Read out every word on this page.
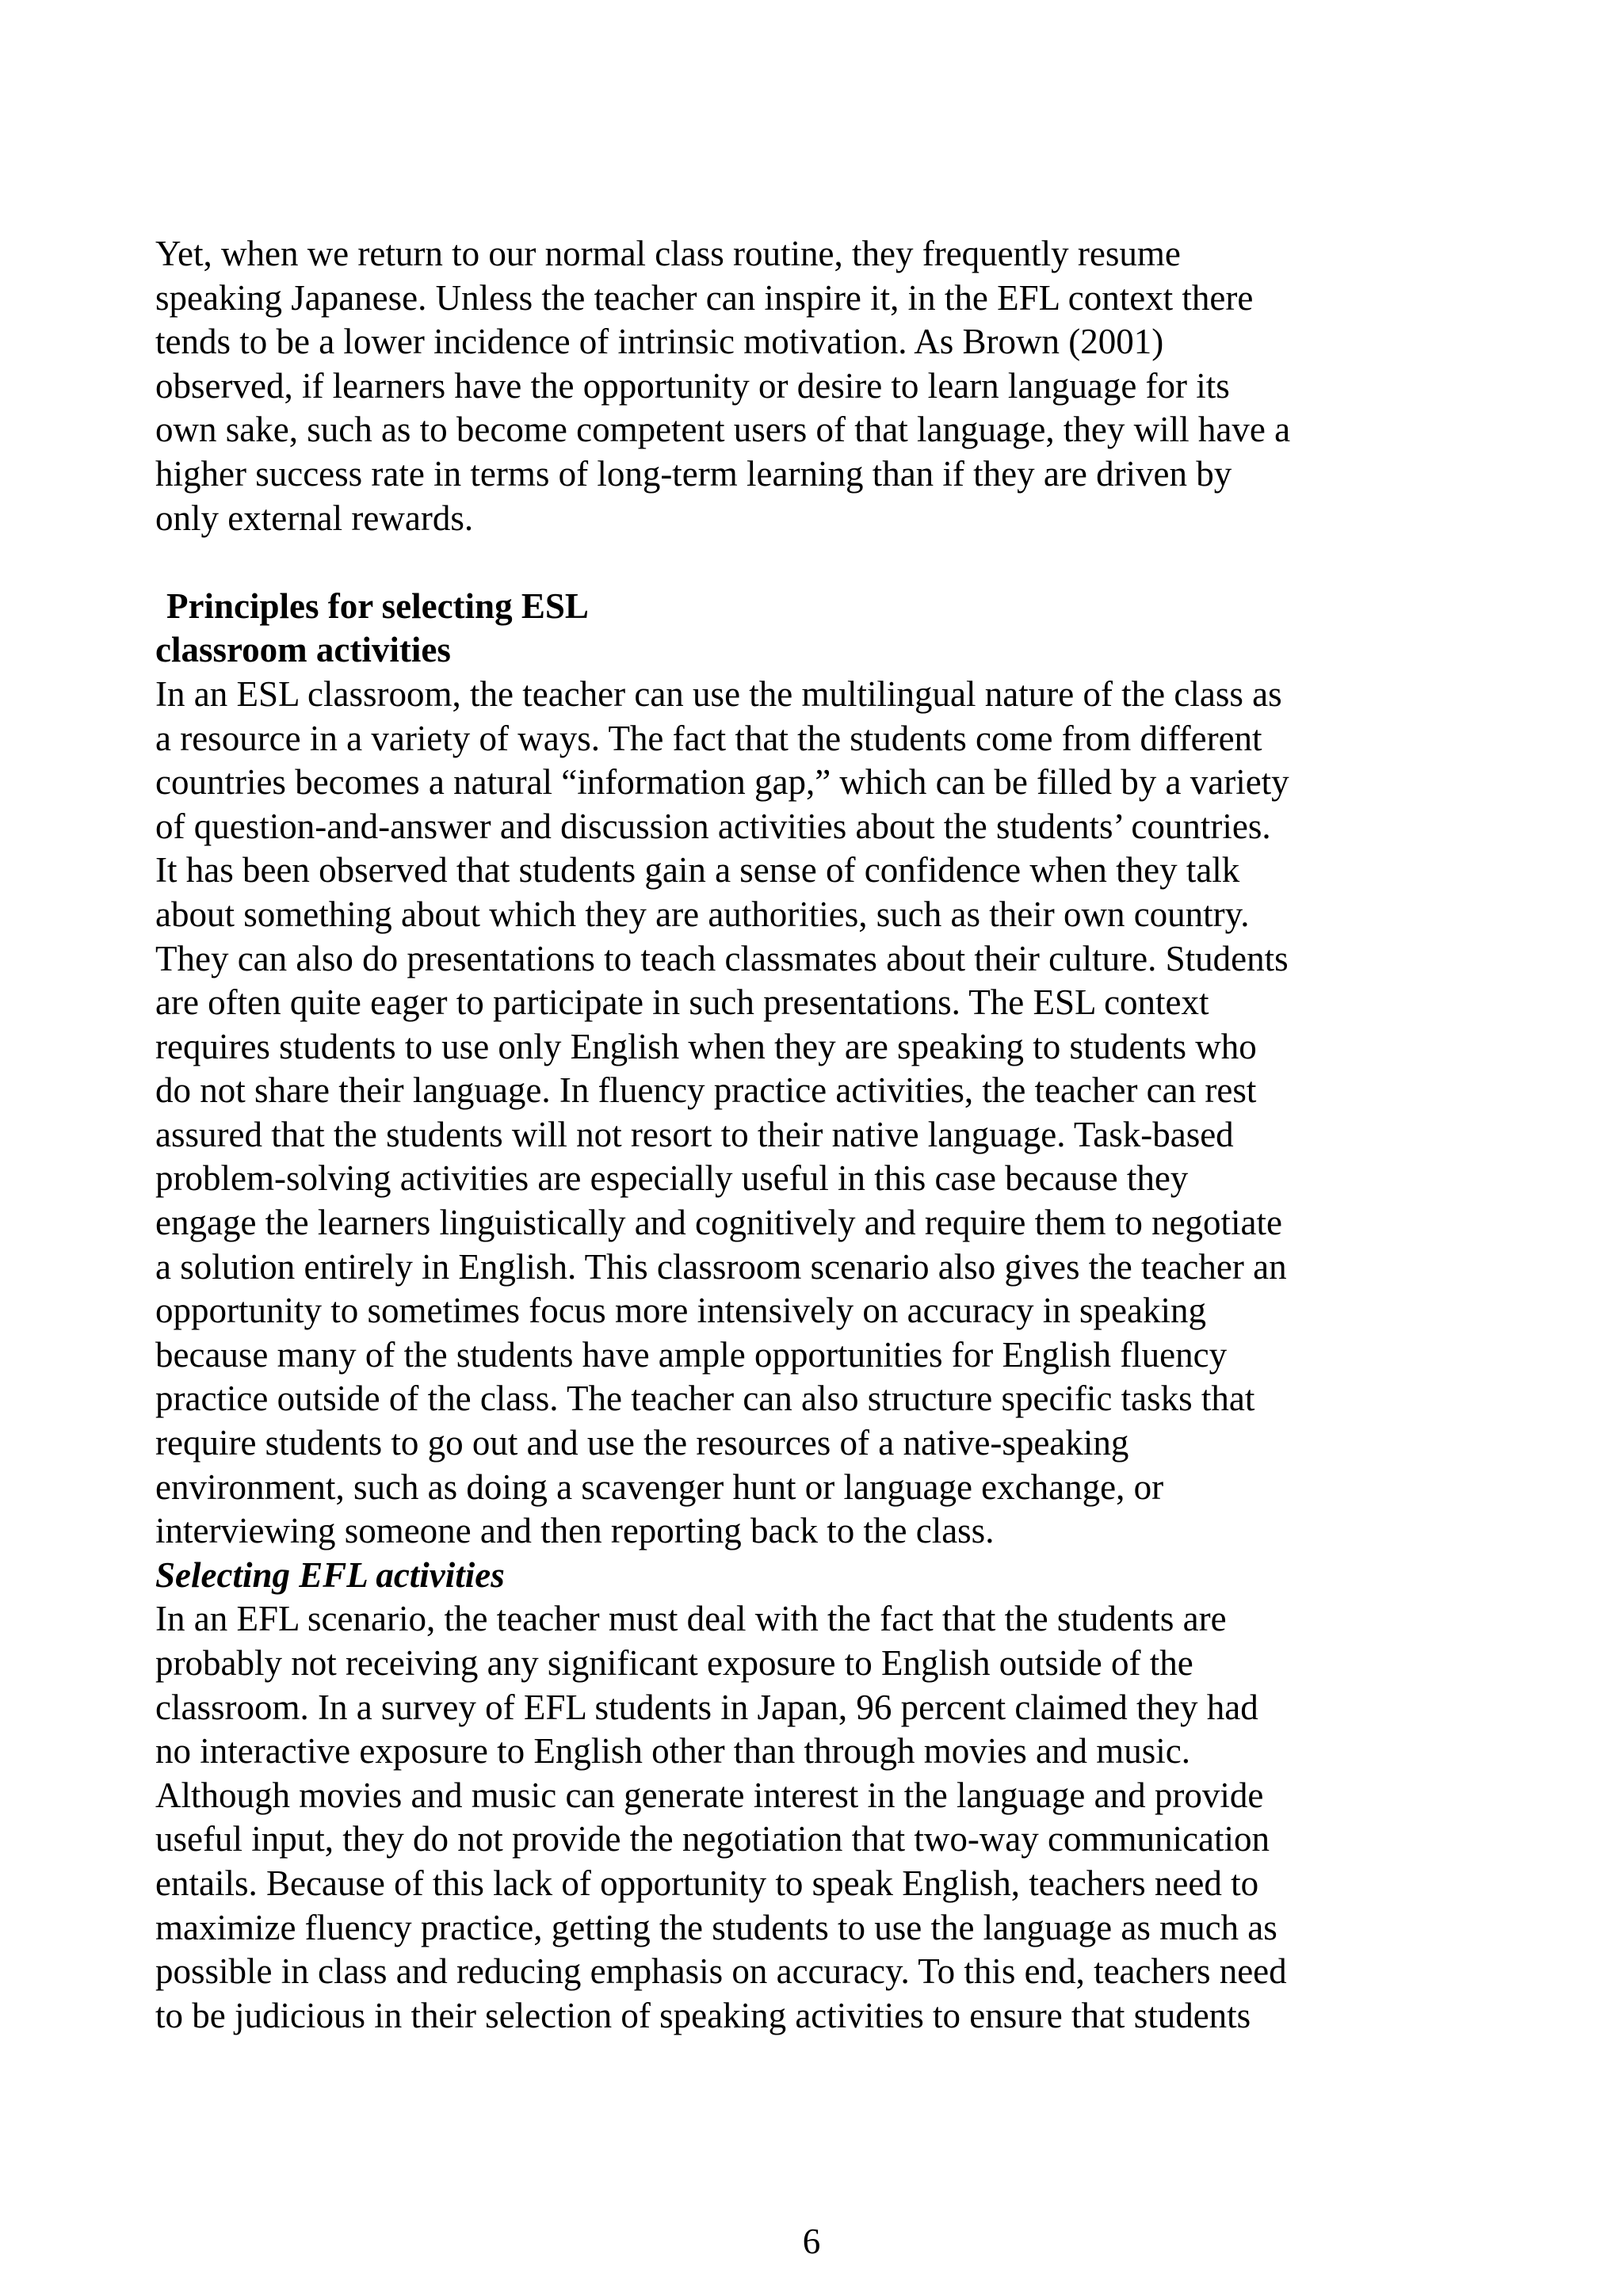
Yet, when we return to our normal class routine, they frequently resume
speaking Japanese. Unless the teacher can inspire it, in the EFL context there
tends to be a lower incidence of intrinsic motivation. As Brown (2001)
observed, if learners have the opportunity or desire to learn language for its
own sake, such as to become competent users of that language, they will have a
higher success rate in terms of long-term learning than if they are driven by
only external rewards.
Principles for selecting ESL
classroom activities
In an ESL classroom, the teacher can use the multilingual nature of the class as
a resource in a variety of ways. The fact that the students come from different
countries becomes a natural “information gap,” which can be filled by a variety
of question-and-answer and discussion activities about the students’ countries.
It has been observed that students gain a sense of confidence when they talk
about something about which they are authorities, such as their own country.
They can also do presentations to teach classmates about their culture. Students
are often quite eager to participate in such presentations. The ESL context
requires students to use only English when they are speaking to students who
do not share their language. In fluency practice activities, the teacher can rest
assured that the students will not resort to their native language. Task-based
problem-solving activities are especially useful in this case because they
engage the learners linguistically and cognitively and require them to negotiate
a solution entirely in English. This classroom scenario also gives the teacher an
opportunity to sometimes focus more intensively on accuracy in speaking
because many of the students have ample opportunities for English fluency
practice outside of the class. The teacher can also structure specific tasks that
require students to go out and use the resources of a native-speaking
environment, such as doing a scavenger hunt or language exchange, or
interviewing someone and then reporting back to the class.
Selecting EFL activities
In an EFL scenario, the teacher must deal with the fact that the students are
probably not receiving any significant exposure to English outside of the
classroom. In a survey of EFL students in Japan, 96 percent claimed they had
no interactive exposure to English other than through movies and music.
Although movies and music can generate interest in the language and provide
useful input, they do not provide the negotiation that two-way communication
entails. Because of this lack of opportunity to speak English, teachers need to
maximize fluency practice, getting the students to use the language as much as
possible in class and reducing emphasis on accuracy. To this end, teachers need
to be judicious in their selection of speaking activities to ensure that students
6
